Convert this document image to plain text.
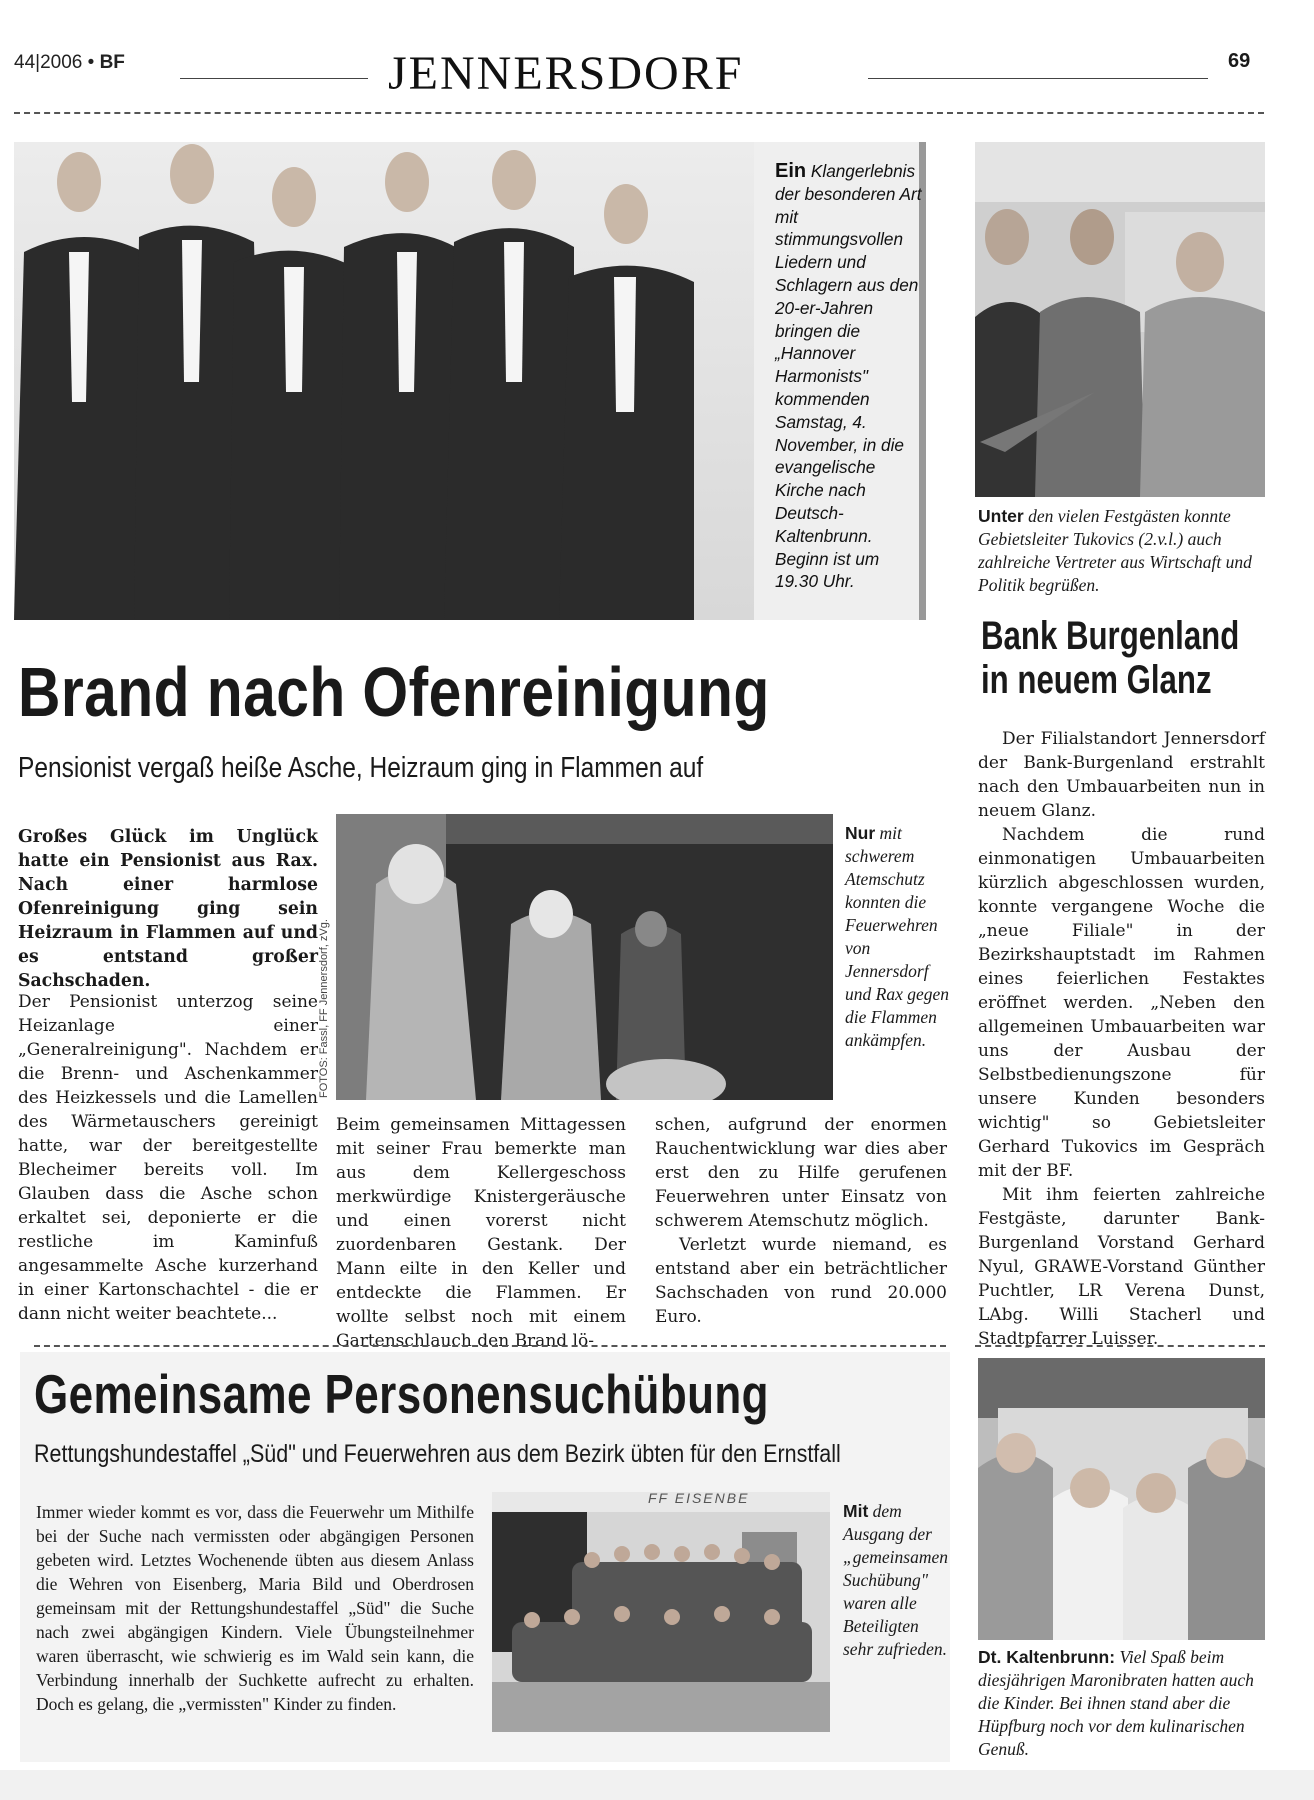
44|2006 • BF	JENNERSDORF	69
Ein Klangerlebnis der besonderen Art mit stimmungsvollen Liedern und Schlagern aus den 20-er-Jahren bringen die „Hannover Harmonists" kommenden Samstag, 4. November, in die evangelische Kirche nach Deutsch-Kaltenbrunn. Beginn ist um 19.30 Uhr.
Unter den vielen Festgästen konnte Gebietsleiter Tukovics (2.v.l.) auch zahlreiche Vertreter aus Wirtschaft und Politik begrüßen.
Brand nach Ofenreinigung
Pensionist vergaß heiße Asche, Heizraum ging in Flammen auf
Großes Glück im Unglück hatte ein Pensionist aus Rax. Nach einer harmlose Ofenreinigung ging sein Heizraum in Flammen auf und es entstand großer Sachschaden.
Der Pensionist unterzog seine Heizanlage einer „Generalreinigung". Nachdem er die Brenn- und Aschenkammer des Heizkessels und die Lamellen des Wärmetauschers gereinigt hatte, war der bereitgestellte Blecheimer bereits voll. Im Glauben dass die Asche schon erkaltet sei, deponierte er die restliche im Kaminfuß angesammelte Asche kurzerhand in einer Kartonschachtel - die er dann nicht weiter beachtete...
FOTOS: Fassl, FF Jennersdorf, zVg.
Nur mit schwerem Atemschutz konnten die Feuerwehren von Jennersdorf und Rax gegen die Flammen ankämpfen.
Beim gemeinsamen Mittagessen mit seiner Frau bemerkte man aus dem Kellergeschoss merkwürdige Knistergeräusche und einen vorerst nicht zuordenbaren Gestank. Der Mann eilte in den Keller und entdeckte die Flammen. Er wollte selbst noch mit einem Gartenschlauch den Brand lö-

schen, aufgrund der enormen Rauchentwicklung war dies aber erst den zu Hilfe gerufenen Feuerwehren unter Einsatz von schwerem Atemschutz möglich.

Verletzt wurde niemand, es entstand aber ein beträchtlicher Sachschaden von rund 20.000 Euro.

Bank Burgenland
in neuem Glanz

Der Filialstandort Jennersdorf der Bank-Burgenland erstrahlt nach den Umbauarbeiten nun in neuem Glanz.

Nachdem die rund einmonatigen Umbauarbeiten kürzlich abgeschlossen wurden, konnte vergangene Woche die „neue Filiale" in der Bezirkshauptstadt im Rahmen eines feierlichen Festaktes eröffnet werden. „Neben den allgemeinen Umbauarbeiten war uns der Ausbau der Selbstbedienungszone für unsere Kunden besonders wichtig" so Gebietsleiter Gerhard Tukovics im Gespräch mit der BF.

Mit ihm feierten zahlreiche Festgäste, darunter Bank-Burgenland Vorstand Gerhard Nyul, GRAWE-Vorstand Günther Puchtler, LR Verena Dunst, LAbg. Willi Stacherl und Stadtpfarrer Luisser.

Gemeinsame Personensuchübung
Rettungshundestaffel „Süd" und Feuerwehren aus dem Bezirk übten für den Ernstfall
Immer wieder kommt es vor, dass die Feuerwehr um Mithilfe bei der Suche nach vermissten oder abgängigen Personen gebeten wird. Letztes Wochenende übten aus diesem Anlass die Wehren von Eisenberg, Maria Bild und Oberdrosen gemeinsam mit der Rettungshundestaffel „Süd" die Suche nach zwei abgängigen Kindern. Viele Übungsteilnehmer waren überrascht, wie schwierig es im Wald sein kann, die Verbindung innerhalb der Suchkette aufrecht zu erhalten. Doch es gelang, die „vermissten" Kinder zu finden.
FF EISENBE
Mit dem Ausgang der „gemeinsamen Suchübung" waren alle Beteiligten sehr zufrieden. Dt. Kaltenbrunn: Viel Spaß beim diesjährigen Maronibraten hatten auch die Kinder. Bei ihnen stand aber die Hüpfburg noch vor dem kulinarischen Genuß.
